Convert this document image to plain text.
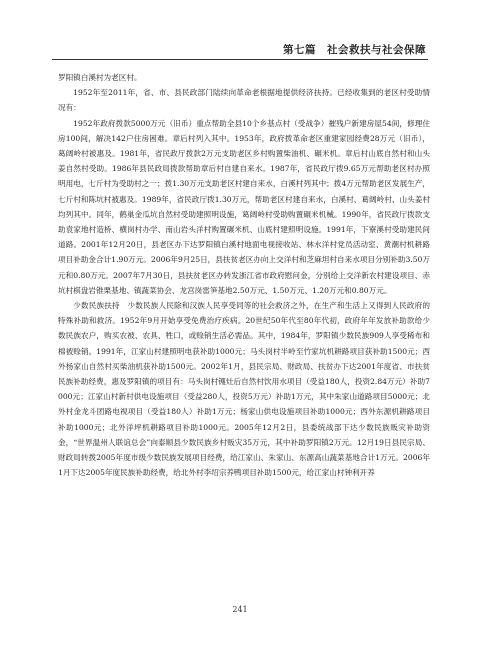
第七篇　社会救扶与社会保障

罗阳镇白溪村为老区村。

1952年至2011年，省、市、县民政部门陆续向革命老根据地提供经济扶持。已经收集到的老区村受助情况有：

1952年政府拨款5000万元（旧币）重点帮助全县10个乡基点村（受战争）摧残户新建房屋54间，修理住房100间，解决142户住房困难。章后村列入其中。1953年，政府拨革命老区重建家园经费28万元（旧币），葛阔岭村被惠及。1981年，省民政厅拨款2万元支助老区乡村购置柴油机、碾米机。章后村山底自然村和山头姜自然村受助。1986年县民政局拨款帮助章后村自建自来水。1987年，省民政厅拨9.65万元帮助老区村办照明用电，七斤村为受助村之一；拨1.30万元支助老区村建自来水，白溪村列其中；拨4万元帮助老区发展生产，七斤村和陈坑村被惠及。1989年，省民政厅拨1.30万元，帮助老区村建自来水，白溪村、葛阔岭村、山头姜村均列其中。同年，鹤巢金瓜坑自然村受助建照明设施，葛阔岭村受助购置碾米机械。1990年，省民政厅拨款支助袁家地村造桥、横岗村办学、南山岩头洋村购置碾米机、山底村建照明设施。1991年，下寮溪村受助建民间道路。2001年12月20日，县老区办下达罗阳镇白溪村地面电视接收站、林水洋村党员活动室、黄潮村机耕路项目补助金合计1.90万元。2006年9月25日，县扶贫老区办向上交洋村和芝麻坦村自来水项目分别补助3.50万元和0.80万元。2007年7月30日，县扶贫老区办转发浙江省市政府慰问金，分别给上交洋新农村建设项目、赤坑村棋盘岩锥栗基地、镇蔬菜协会、龙宫岗雷笋基地2.50万元、1.50万元、1.20万元和0.80万元。

少数民族扶持　少数民族人民除和汉族人民享受同等的社会救济之外，在生产和生活上又得到人民政府的特殊补助和救济。1952年9月开始享受免费治疗疾病。20世纪50年代至80年代初，政府年年发放补助款给少数民族农户，购买农被、农具、牲口，或赊销生活必需品。其中，1984年，罗阳镇少数民族909人享受稀布和棉被赊销。1991年，江家山村建照明电获补助1000元；马头岗村半岭至竹家坑机耕路项目获补助1500元；西外杨家山自然村买柴油机获补助1500元。2002年1月，县民宗局、财政局、扶贫办下达2001年度省、市扶贫民族补助经费，惠及罗阳镇的项目有：马头岗村镬灶后自然村饮用水项目（受益180人，投资2.84万元）补助7000元；江家山村新村供电设施项目（受益280人，投资5万元）补助1万元，其中朱家山道路项目5000元；北外村金龙斗团路电视项目（受益180人）补助1万元；杨家山供电设施项目补助1000元；西外东源机耕路项目补助1000元；北外洋坪机耕路项目补助1000元。2005年12月2日，县委统战部下达少数民族贩灾补助资金，“世界温州人联谊总会”向泰顺县少数民族乡村贩灾35万元，其中补助罗阳镇2万元。12月19日县民宗局、财政局转拨2005年度市级少数民族发展项目经费，给江家山、朱家山、东源高山蔬菜基地合计1万元。2006年1月下达2005年度民族补助经费，给北外村李绍宗养鸭项目补助1500元，给江家山村钟利开养

241
